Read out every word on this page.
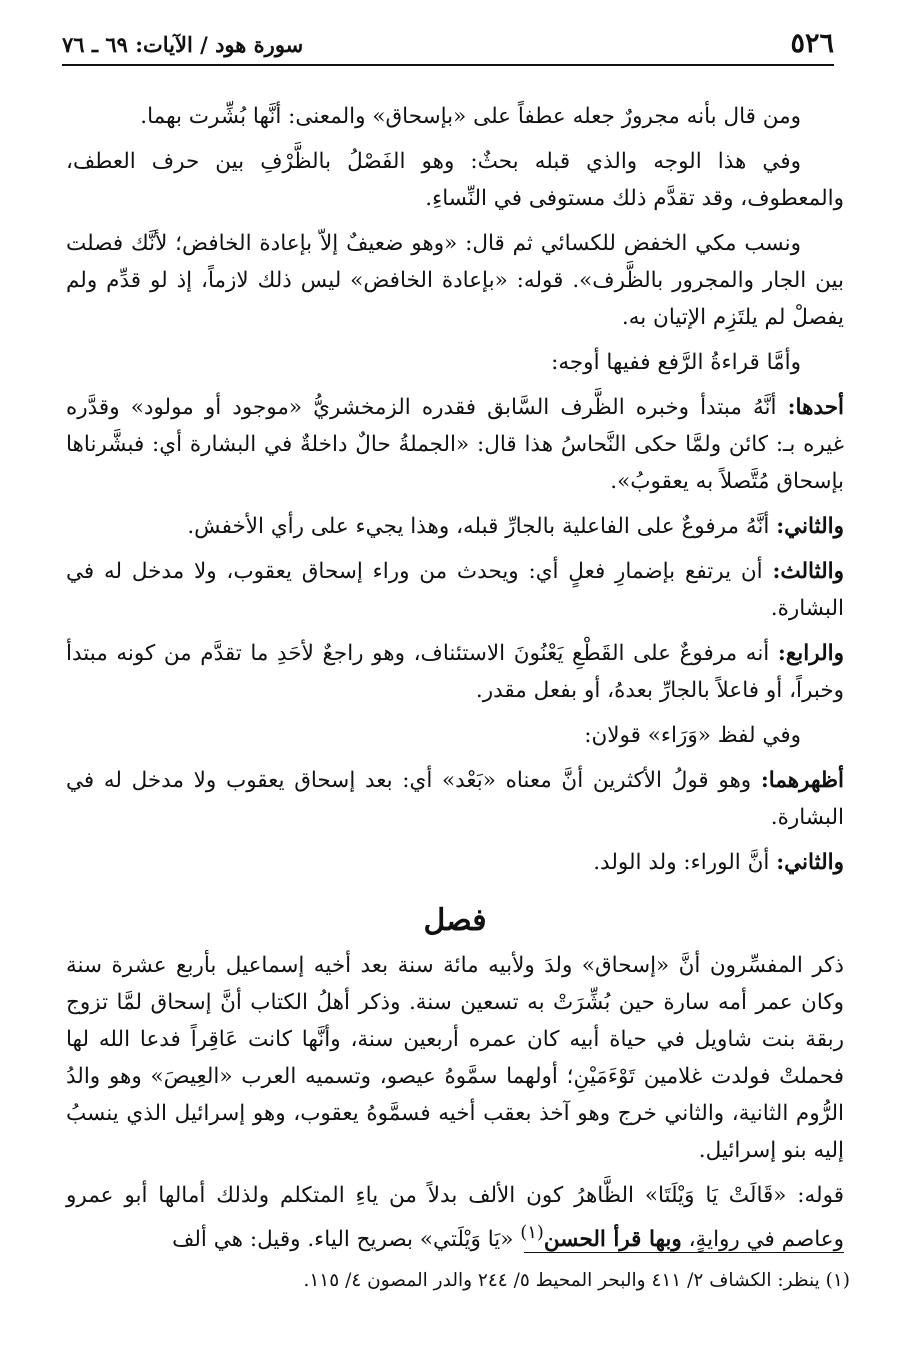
٥٢٦
سورة هود / الآيات: ٦٩ ـ ٧٦

  ومن قال بأنه مجرورٌ جعله عطفاً على «بإسحاق» والمعنى: أنَّها بُشِّرت بهما.

  وفي هذا الوجه والذي قبله بحثٌ: وهو الفَصْلُ بالظَّرْفِ بين حرف العطف، والمعطوف، وقد تقدَّم ذلك مستوفى في النِّساءِ.

  ونسب مكي الخفض للكسائي ثم قال: «وهو ضعيفٌ إلاّ بإعادة الخافض؛ لأنَّك فصلت بين الجار والمجرور بالظَّرف». قوله: «بإعادة الخافض» ليس ذلك لازماً، إذ لو قدِّم ولم يفصلْ لم يلتَزِم الإتيان به.

  وأمَّا قراءةُ الرَّفع ففيها أوجه:

أحدها: أنَّهُ مبتدأ وخبره الظَّرف السَّابق فقدره الزمخشريُّ «موجود أو مولود» وقدَّره غيره بـ: كائن ولمَّا حكى النَّحاسُ هذا قال: «الجملةُ حالٌ داخلةٌ في البشارة أي: فبشَّرناها بإسحاق مُتَّصلاً به يعقوبُ».

والثاني: أنَّهُ مرفوعٌ على الفاعلية بالجارِّ قبله، وهذا يجيء على رأي الأخفش.

والثالث: أن يرتفع بإضمارِ فعلٍ أي: ويحدث من وراء إسحاق يعقوب، ولا مدخل له في البشارة.

والرابع: أنه مرفوعٌ على القَطْعِ يَعْنُونَ الاستئناف، وهو راجعٌ لأحَدِ ما تقدَّم من كونه مبتدأ وخبراً، أو فاعلاً بالجارِّ بعدهُ، أو بفعل مقدر.

  وفي لفظ «وَرَاء» قولان:

أظهرهما: وهو قولُ الأكثرين أنَّ معناه «بَعْد» أي: بعد إسحاق يعقوب ولا مدخل له في البشارة.

والثاني: أنَّ الوراء: ولد الولد.

فصل

ذكر المفسِّرون أنَّ «إسحاق» ولدَ ولأبيه مائة سنة بعد أخيه إسماعيل بأربع عشرة سنة وكان عمر أمه سارة حين بُشِّرَتْ به تسعين سنة. وذكر أهلُ الكتاب أنَّ إسحاق لمَّا تزوج ربقة بنت شاويل في حياة أبيه كان عمره أربعين سنة، وأنَّها كانت عَاقِراً فدعا الله لها فحملتْ فولدت غلامين تَوْءَمَيْنِ؛ أولهما سمَّوهُ عيصو، وتسميه العرب «العِيصَ» وهو والدُ الرُّوم الثانية، والثاني خرج وهو آخذ بعقب أخيه فسمَّوهُ يعقوب، وهو إسرائيل الذي ينسبُ إليه بنو إسرائيل.

قوله: «قَالَتْ يَا وَيْلَتَا» الظَّاهرُ كون الألف بدلاً من ياءِ المتكلم ولذلك أمالها أبو عمرو وعاصم في روايةٍ، وبها قرأ الحسن$^{(١)}$ «يَا وَيْلَتي» بصريح الياء. وقيل: هي ألف

(١) ينظر: الكشاف ٢/ ٤١١ والبحر المحيط ٥/ ٢٤٤ والدر المصون ٤/ ١١٥.
